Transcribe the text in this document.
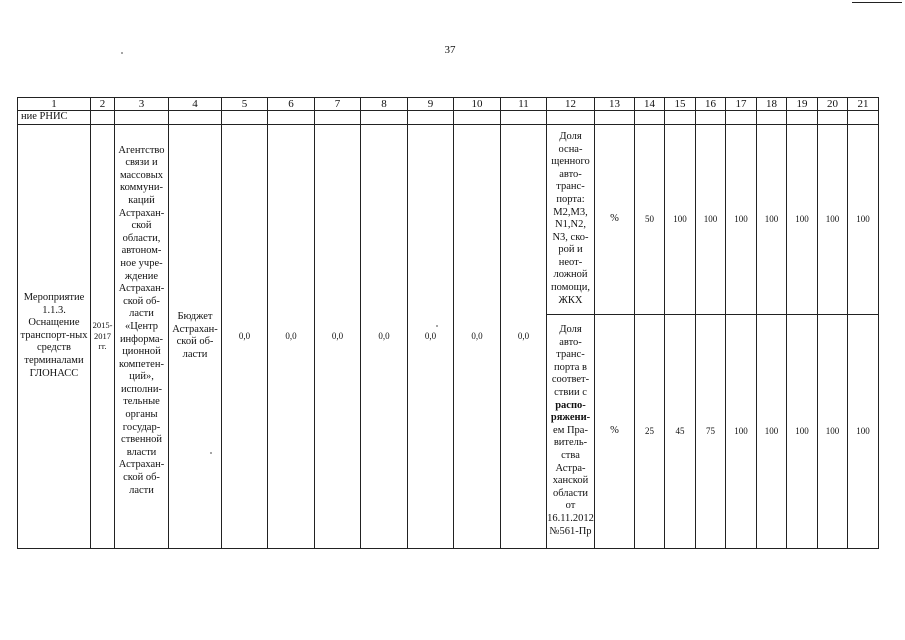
37
1	2	3	4	5	6	7	8	9	10	11	12	13	14	15	16	17	18	19	20	21
ние РНИС																				
Мероприятие 1.1.3. Оснащение транспорт-ных средств терминалами ГЛОНАСС	2015-2017 гг.	Агентство связи и массовых коммуни-каций Астрахан-ской области, автоном-ное учре-ждение Астрахан-ской об-ласти «Центр информа-ционной компетен-ций», исполни-тельные органы государ-ственной власти Астрахан-ской об-ласти	Бюджет Астрахан-ской об-ласти	0,0	0,0	0,0	0,0	0,0	0,0	0,0	Доля осна-щенного авто-транс-порта: М2,М3, N1,N2, N3, ско-рой и неот-ложной помощи, ЖКХ	%	50	100	100	100	100	100	100	100
											Доля авто-транс-порта в соответ-ствии с распо-ряжени- ем Пра-витель-ства Астра-ханской области от 16.11.2012 №561-Пр	%	25	45	75	100	100	100	100	100
